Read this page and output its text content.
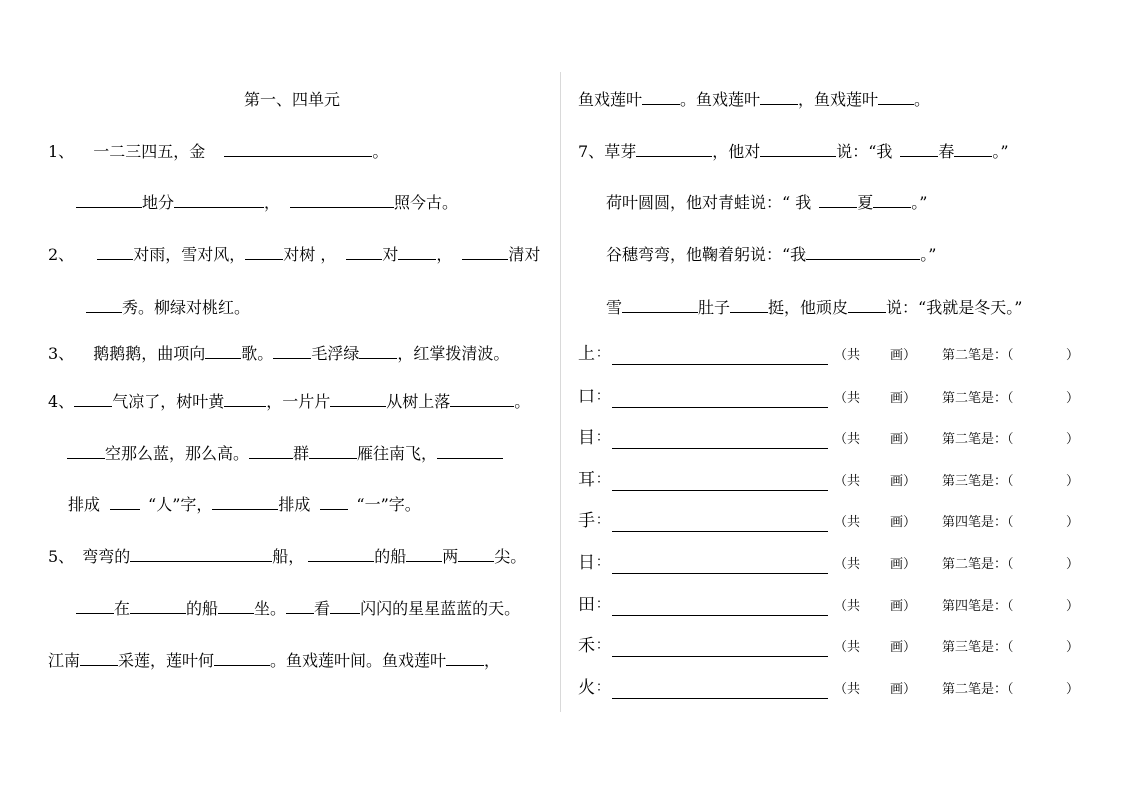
第一、四单元
1、 一二三四五，金	。
地分	，	照今古。
2、	对雨，雪对风， 对树 ，	对 ，	清对
秀。柳绿对桃红。
3、 鹅鹅鹅，曲项向 歌。 毛浮绿 ，红掌拨清波。
4、 气凉了，树叶黄	，一片片	从树上落	。
空那么蓝，那么高。	群	雁往南飞，
排成	“人”字，	排成	“一”字。
5、 弯弯的	船，	的船 两 尖。
在	的船 坐。 看 闪闪的星星蓝蓝的天。
江南 采莲，莲叶何	。鱼戏莲叶间。鱼戏莲叶 ，
鱼戏莲叶 。鱼戏莲叶 ，鱼戏莲叶 。
7、草芽	，他对	说：“我	春 。”
荷叶圆圆，他对青蛙说：“ 我	夏 。”
谷穗弯弯，他鞠着躬说：“我	。”
雪	肚子 挺，他顽皮 说：“我就是冬天。”
上 ：	（共 画） 第二笔是：（	）
口 ：	（共 画） 第二笔是：（	）
目 ：	（共 画） 第二笔是：（	）
耳 ：	（共 画） 第三笔是：（	）
手 ：	（共 画） 第四笔是：（	）
日 ：	（共 画） 第二笔是：（	）
田 ：	（共 画） 第四笔是：（	）
禾 ：	（共 画） 第三笔是：（	）
火 ：	（共 画） 第二笔是：（	）
